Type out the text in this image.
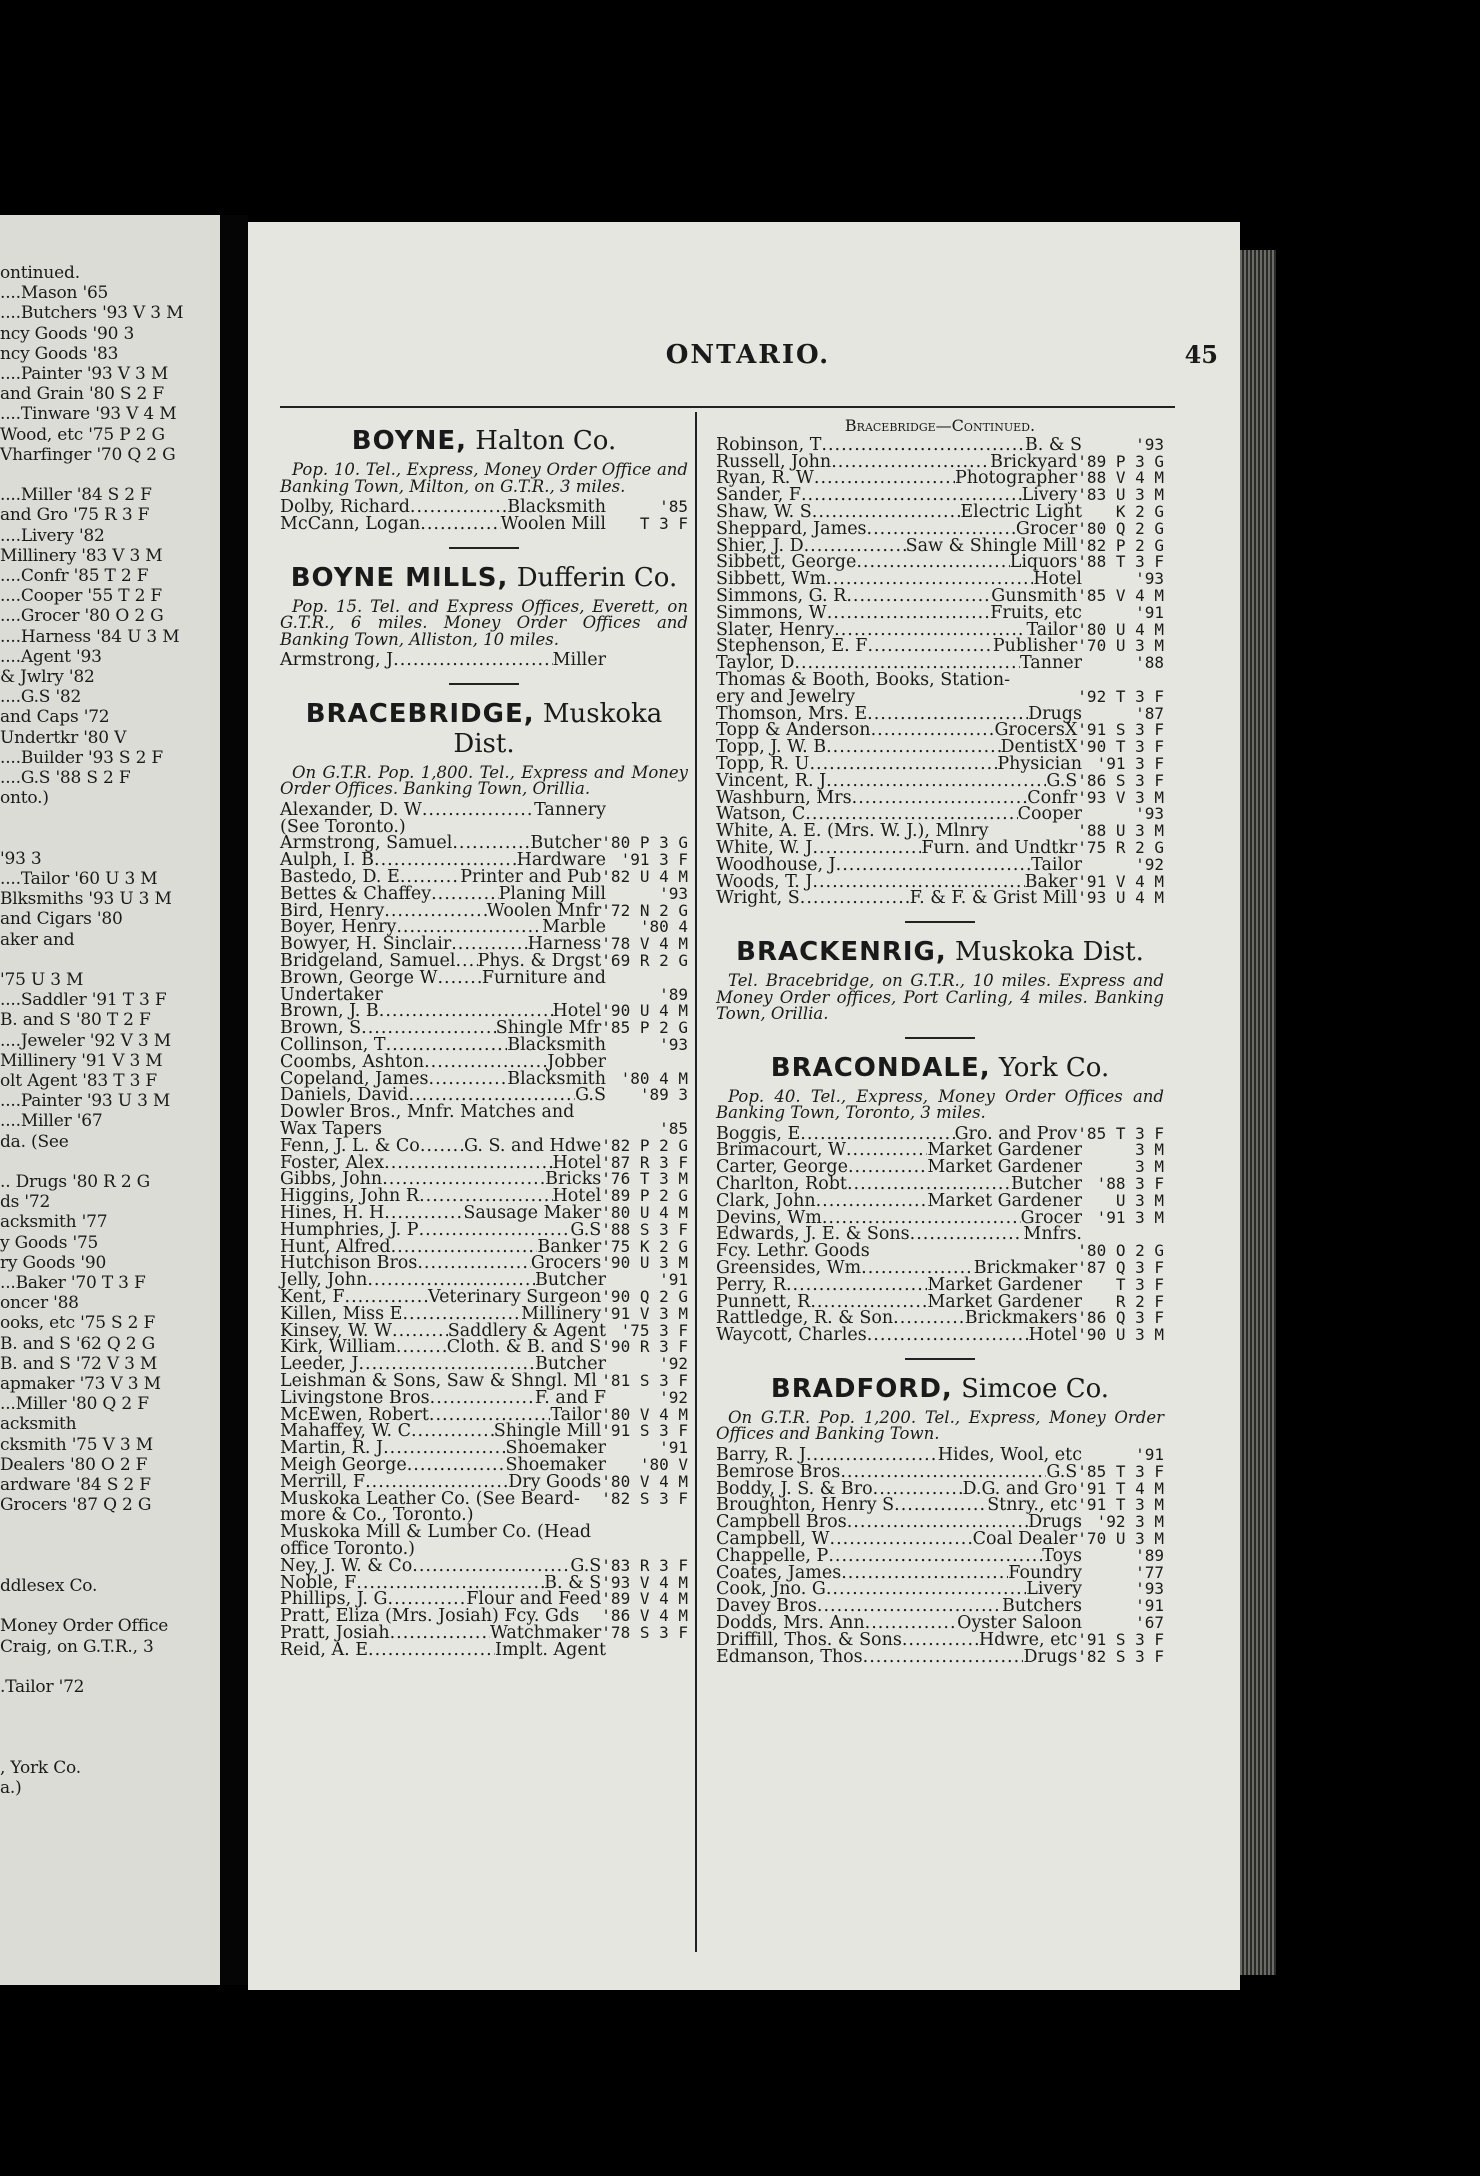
ontinued.
....Mason '65
....Butchers '93 V 3 M
ncy Goods '90 3
ncy Goods '83
....Painter '93 V 3 M
and Grain '80 S 2 F
....Tinware '93 V 4 M
Wood, etc '75 P 2 G
Vharfinger '70 Q 2 G
....Miller '84 S 2 F
and Gro '75 R 3 F
....Livery '82
Millinery '83 V 3 M
....Confr '85 T 2 F
....Cooper '55 T 2 F
....Grocer '80 O 2 G
....Harness '84 U 3 M
....Agent '93
& Jwlry '82
....G.S '82
and Caps '72
Undertkr '80 V
....Builder '93 S 2 F
....G.S '88 S 2 F
onto.)
'93 3
....Tailor '60 U 3 M
Blksmiths '93 U 3 M
and Cigars '80
aker and
'75 U 3 M
....Saddler '91 T 3 F
B. and S '80 T 2 F
....Jeweler '92 V 3 M
Millinery '91 V 3 M
olt Agent '83 T 3 F
....Painter '93 U 3 M
....Miller '67
da. (See
.. Drugs '80 R 2 G
ds '72
acksmith '77
y Goods '75
ry Goods '90
...Baker '70 T 3 F
oncer '88
ooks, etc '75 S 2 F
B. and S '62 Q 2 G
B. and S '72 V 3 M
apmaker '73 V 3 M
...Miller '80 Q 2 F
acksmith
cksmith '75 V 3 M
Dealers '80 O 2 F
ardware '84 S 2 F
Grocers '87 Q 2 G
ddlesex Co.
Money Order Office
Craig, on G.T.R., 3
.Tailor '72
, York Co.
a.)
ONTARIO.	45
BOYNE, Halton Co.
Pop. 10. Tel., Express, Money Order Office and Banking Town, Milton, on G.T.R., 3 miles.
Dolby, Richard .....	Blacksmith	'85
McCann, Logan .....	Woolen Mill	T 3 F
BOYNE MILLS, Dufferin Co.
Pop. 15. Tel. and Express Offices, Everett, on G.T.R., 6 miles. Money Order Offices and Banking Town, Alliston, 10 miles.
Armstrong, J .....	Miller
BRACEBRIDGE, Muskoka Dist.
On G.T.R. Pop. 1,800. Tel., Express and Money Order Offices. Banking Town, Orillia.
Alexander, D. W .....	Tannery
(See Toronto.)
Armstrong, Samuel .....	Butcher '80 P 3 G
Aulph, I. B .....	Hardware '91 3 F
Bastedo, D. E .....	Printer and Pub '82 U 4 M
Bettes & Chaffey .....	Planing Mill	'93
Bird, Henry .....	Woolen Mnfr '72 N 2 G
Boyer, Henry .....	Marble	'80 4
Bowyer, H. Sinclair .....	Harness '78 V 4 M
Bridgeland, Samuel ..... Phys. & Drgst '69 R 2 G
Brown, George W .....	Furniture and
Undertaker	'89
Brown, J. B .....	Hotel '90 U 4 M
Brown, S .....	Shingle Mfr '85 P 2 G
Collinson, T .....	Blacksmith	'93
Coombs, Ashton .....	Jobber
Copeland, James .....	Blacksmith '80 4 M
Daniels, David .....	G.S	'89 3
Dowler Bros., Mnfr. Matches and
Wax Tapers	'85
Fenn, J. L. & Co .....	G. S. and Hdwe '82 P 2 G
Foster, Alex .....	Hotel '87 R 3 F
Gibbs, John .....	Bricks '76 T 3 M
Higgins, John R .....	Hotel '89 P 2 G
Hines, H. H .....	Sausage Maker '80 U 4 M
Humphries, J. P .....	G.S '88 S 3 F
Hunt, Alfred .....	Banker '75 K 2 G
Hutchison Bros .....	Grocers '90 U 3 M
Jelly, John .....	Butcher	'91
Kent, F .....	Veterinary Surgeon '90 Q 2 G
Killen, Miss E .....	Millinery '91 V 3 M
Kinsey, W. W .....	Saddlery & Agent '75 3 F
Kirk, William .....	Cloth. & B. and S '90 R 3 F
Leeder, J .....	Butcher	'92
Leishman & Sons, Saw & Shngl. Ml '81 S 3 F
Livingstone Bros .....	F. and F	'92
McEwen, Robert .....	Tailor '80 V 4 M
Mahaffey, W. C .....	Shingle Mill '91 S 3 F
Martin, R. J .....	Shoemaker	'91
Meigh George .....	Shoemaker	'80 V
Merrill, F .....	Dry Goods '80 V 4 M
Muskoka Leather Co. (See Beard- '82 S 3 F
more & Co., Toronto.)
Muskoka Mill & Lumber Co. (Head
office Toronto.)
Ney, J. W. & Co .....	G.S '83 R 3 F
Noble, F .....	B. & S '93 V 4 M
Phillips, J. G .....	Flour and Feed '89 V 4 M
Pratt, Eliza (Mrs. Josiah) Fcy. Gds '86 V 4 M
Pratt, Josiah .....	Watchmaker '78 S 3 F
Reid, A. E .....	Implt. Agent
Bracebridge—Continued.
Robinson, T .....	B. & S	'93
Russell, John .....	Brickyard '89 P 3 G
Ryan, R. W .....	Photographer '88 V 4 M
Sander, F .....	Livery '83 U 3 M
Shaw, W. S .....	Electric Light	K 2 G
Sheppard, James .....	Grocer '80 Q 2 G
Shier, J. D .....	Saw & Shingle Mill '82 P 2 G
Sibbett, George .....	Liquors '88 T 3 F
Sibbett, Wm .....	Hotel	'93
Simmons, G. R .....	Gunsmith '85 V 4 M
Simmons, W .....	Fruits, etc	'91
Slater, Henry .....	Tailor '80 U 4 M
Stephenson, E. F .....	Publisher '70 U 3 M
Taylor, D .....	Tanner	'88
Thomas & Booth, Books, Station-
ery and Jewelry	'92 T 3 F
Thomson, Mrs. E .....	Drugs	'87
Topp & Anderson .....	GrocersX '91 S 3 F
Topp, J. W. B .....	DentistX '90 T 3 F
Topp, R. U .....	Physician '91 3 F
Vincent, R. J .....	G.S '86 S 3 F
Washburn, Mrs .....	Confr '93 V 3 M
Watson, C .....	Cooper	'93
White, A. E. (Mrs. W. J.), Mlnry	'88 U 3 M
White, W. J .....	Furn. and Undtkr '75 R 2 G
Woodhouse, J .....	Tailor	'92
Woods, T. J .....	Baker '91 V 4 M
Wright, S .....	F. & F. & Grist Mill '93 U 4 M
BRACKENRIG, Muskoka Dist.
Tel. Bracebridge, on G.T.R., 10 miles. Express and Money Order offices, Port Carling, 4 miles. Banking Town, Orillia.
BRACONDALE, York Co.
Pop. 40. Tel., Express, Money Order Offices and Banking Town, Toronto, 3 miles.
Boggis, E .....	Gro. and Prov '85 T 3 F
Brimacourt, W .....	Market Gardener	3 M
Carter, George .....	Market Gardener	3 M
Charlton, Robt .....	Butcher '88 3 F
Clark, John .....	Market Gardener	U 3 M
Devins, Wm .....	Grocer '91 3 M
Edwards, J. E. & Sons .....	Mnfrs.
Fcy. Lethr. Goods	'80 O 2 G
Greensides, Wm .....	Brickmaker '87 Q 3 F
Perry, R .....	Market Gardener	T 3 F
Punnett, R .....	Market Gardener	R 2 F
Rattledge, R. & Son .....	Brickmakers '86 Q 3 F
Waycott, Charles .....	Hotel '90 U 3 M
BRADFORD, Simcoe Co.
On G.T.R. Pop. 1,200. Tel., Express, Money Order Offices and Banking Town.
Barry, R. J .....	Hides, Wool, etc	'91
Bemrose Bros .....	G.S '85 T 3 F
Boddy, J. S. & Bro .....	D.G. and Gro '91 T 4 M
Broughton, Henry S .....	Stnry., etc '91 T 3 M
Campbell Bros .....	Drugs '92 3 M
Campbell, W .....	Coal Dealer '70 U 3 M
Chappelle, P .....	Toys	'89
Coates, James .....	Foundry	'77
Cook, Jno. G .....	Livery	'93
Davey Bros .....	Butchers	'91
Dodds, Mrs. Ann .....	Oyster Saloon	'67
Driffill, Thos. & Sons .....	Hdwre, etc '91 S 3 F
Edmanson, Thos .....	Drugs '82 S 3 F
